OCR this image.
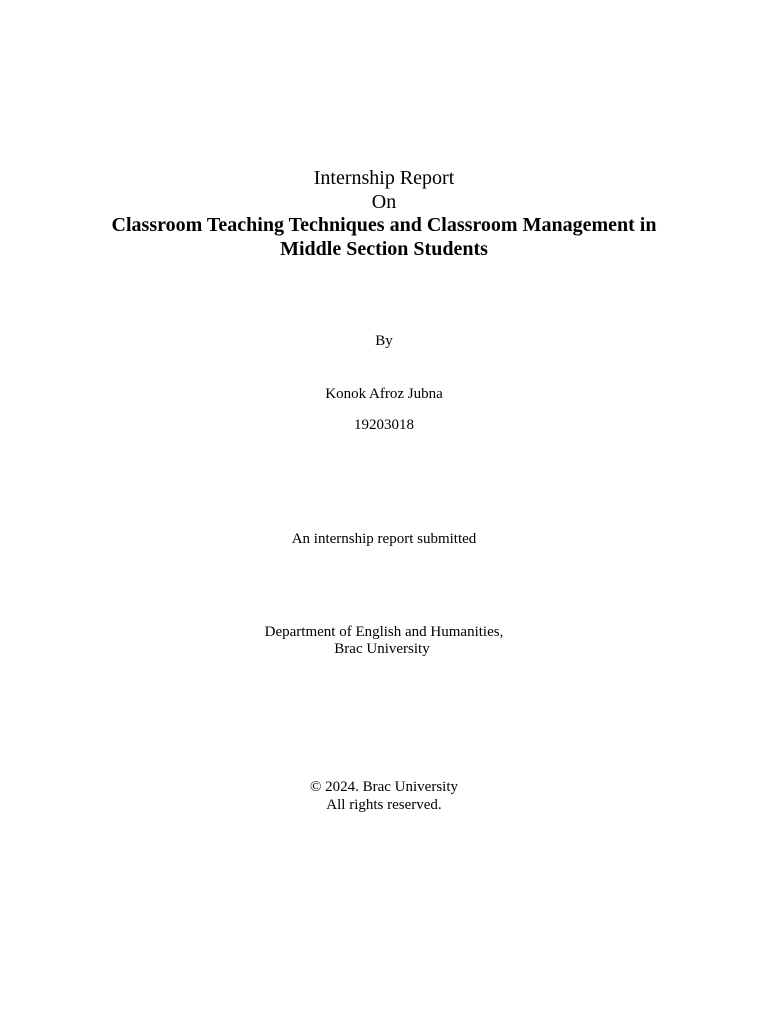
Internship Report
On
Classroom Teaching Techniques and Classroom Management in
Middle Section Students
By
Konok Afroz Jubna
19203018
An internship report submitted
Department of English and Humanities,
Brac University
© 2024. Brac University
All rights reserved.
